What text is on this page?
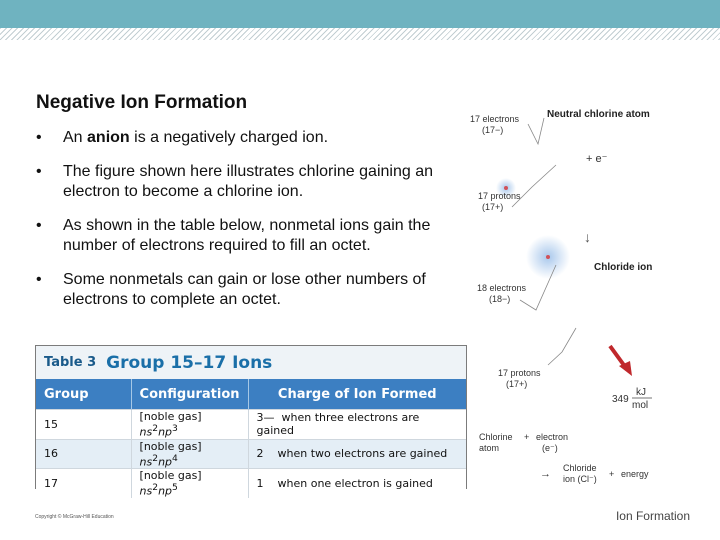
Negative Ion Formation
• An anion is a negatively charged ion.
• The figure shown here illustrates chlorine gaining an electron to become a chlorine ion.
• As shown in the table below, nonmetal ions gain the number of electrons required to fill an octet.
• Some nonmetals can gain or lose other numbers of electrons to complete an octet.
Table 3 Group 15–17 Ions
Group	Configuration	Charge of Ion Formed
15	[noble gas] $ns^2np^3$	3— when three electrons are gained
16	[noble gas] $ns^2np^4$	2 when two electrons are gained
17	[noble gas] $ns^2np^5$	1 when one electron is gained
Copyright © McGraw-Hill Education	Ion Formation
Neutral chlorine atom
17 electrons
(17−)
+ e⁻
17 protons
(17+)
↓
Chloride ion
18 electrons
(18−)
17 protons
(17+)
349
kJ
mol
Chlorine
atom
+ electron
(e⁻)
→ Chloride
ion (Cl⁻) + energy
